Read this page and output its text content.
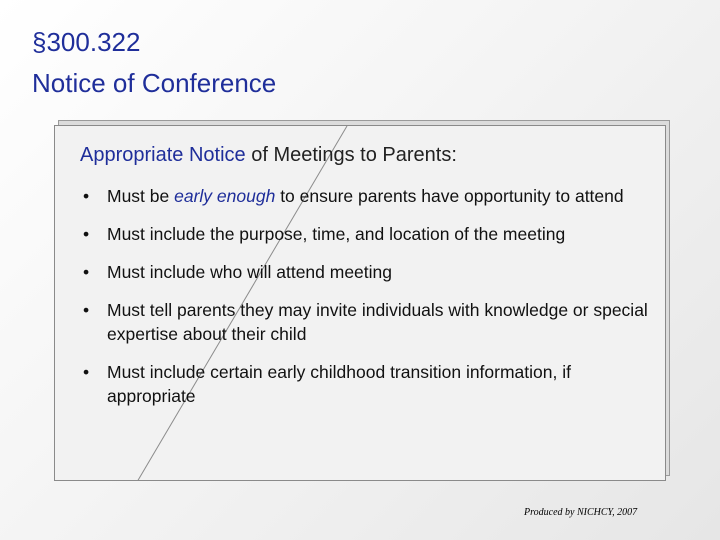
§300.322
Notice of Conference
Appropriate Notice of Meetings to Parents:
• Must be early enough to ensure parents have opportunity to attend
• Must include the purpose, time, and location of the meeting
• Must include who will attend meeting
• Must tell parents they may invite individuals with knowledge or special expertise about their child
• Must include certain early childhood transition information, if appropriate
Produced by NICHCY, 2007
